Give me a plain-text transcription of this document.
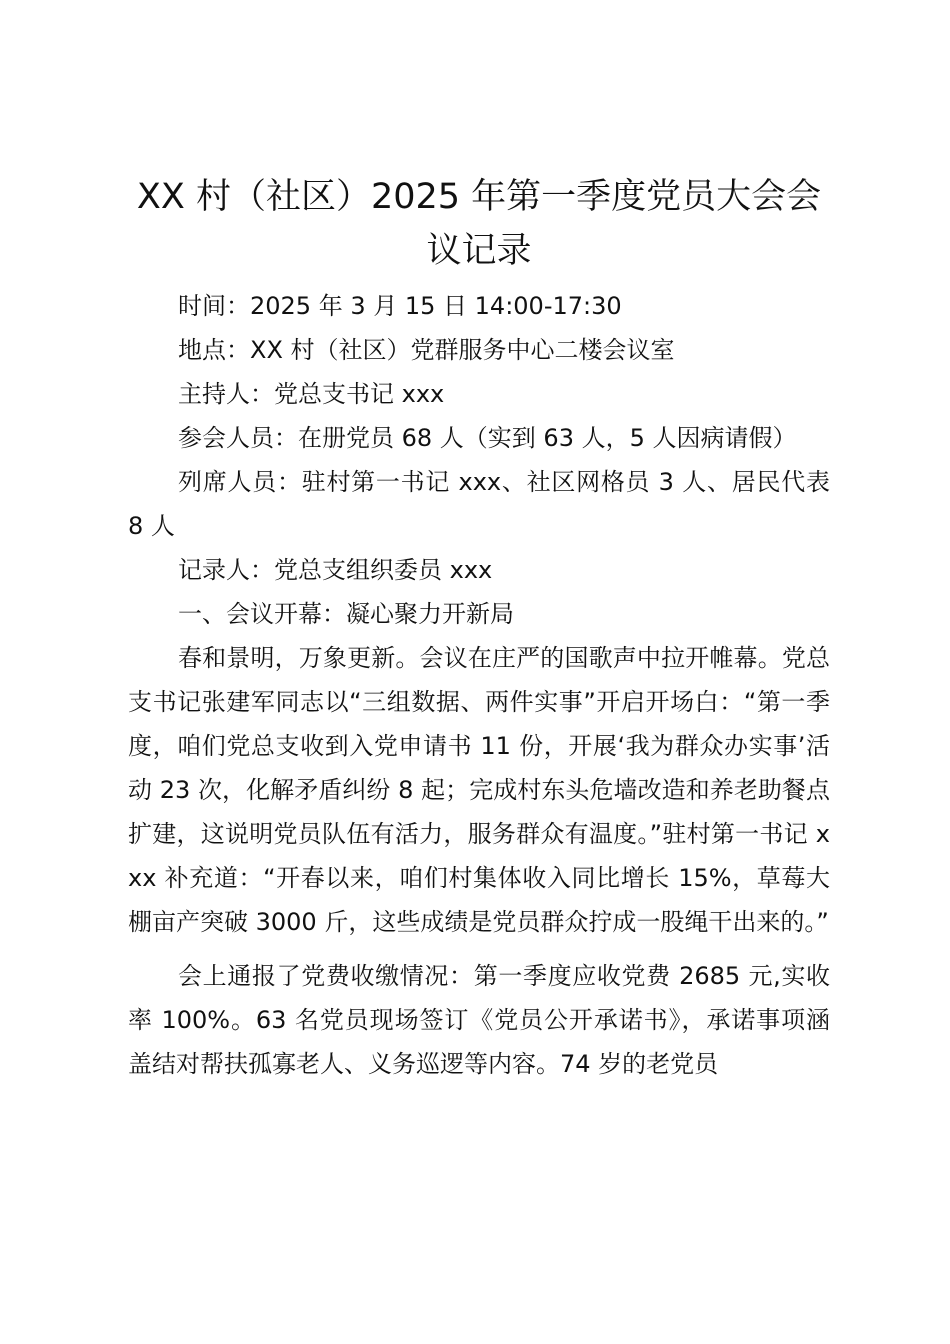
XX 村（社区）2025 年第一季度党员大会会议记录

时间：2025 年 3 月 15 日 14:00-17:30

地点：XX 村（社区）党群服务中心二楼会议室

主持人：党总支书记 xxx

参会人员：在册党员 68 人（实到 63 人，5 人因病请假）

列席人员：驻村第一书记 xxx、社区网格员 3 人、居民代表 8 人

记录人：党总支组织委员 xxx

一、会议开幕：凝心聚力开新局

春和景明，万象更新。会议在庄严的国歌声中拉开帷幕。党总支书记张建军同志以“三组数据、两件实事”开启开场白：“第一季度，咱们党总支收到入党申请书 11 份，开展‘我为群众办实事’活动 23 次，化解矛盾纠纷 8 起；完成村东头危墙改造和养老助餐点扩建，这说明党员队伍有活力，服务群众有温度。”驻村第一书记 xxx 补充道：“开春以来，咱们村集体收入同比增长 15%，草莓大棚亩产突破 3000 斤，这些成绩是党员群众拧成一股绳干出来的。”

会上通报了党费收缴情况：第一季度应收党费 2685 元,实收率 100%。63 名党员现场签订《党员公开承诺书》，承诺事项涵盖结对帮扶孤寡老人、义务巡逻等内容。74 岁的老党员
